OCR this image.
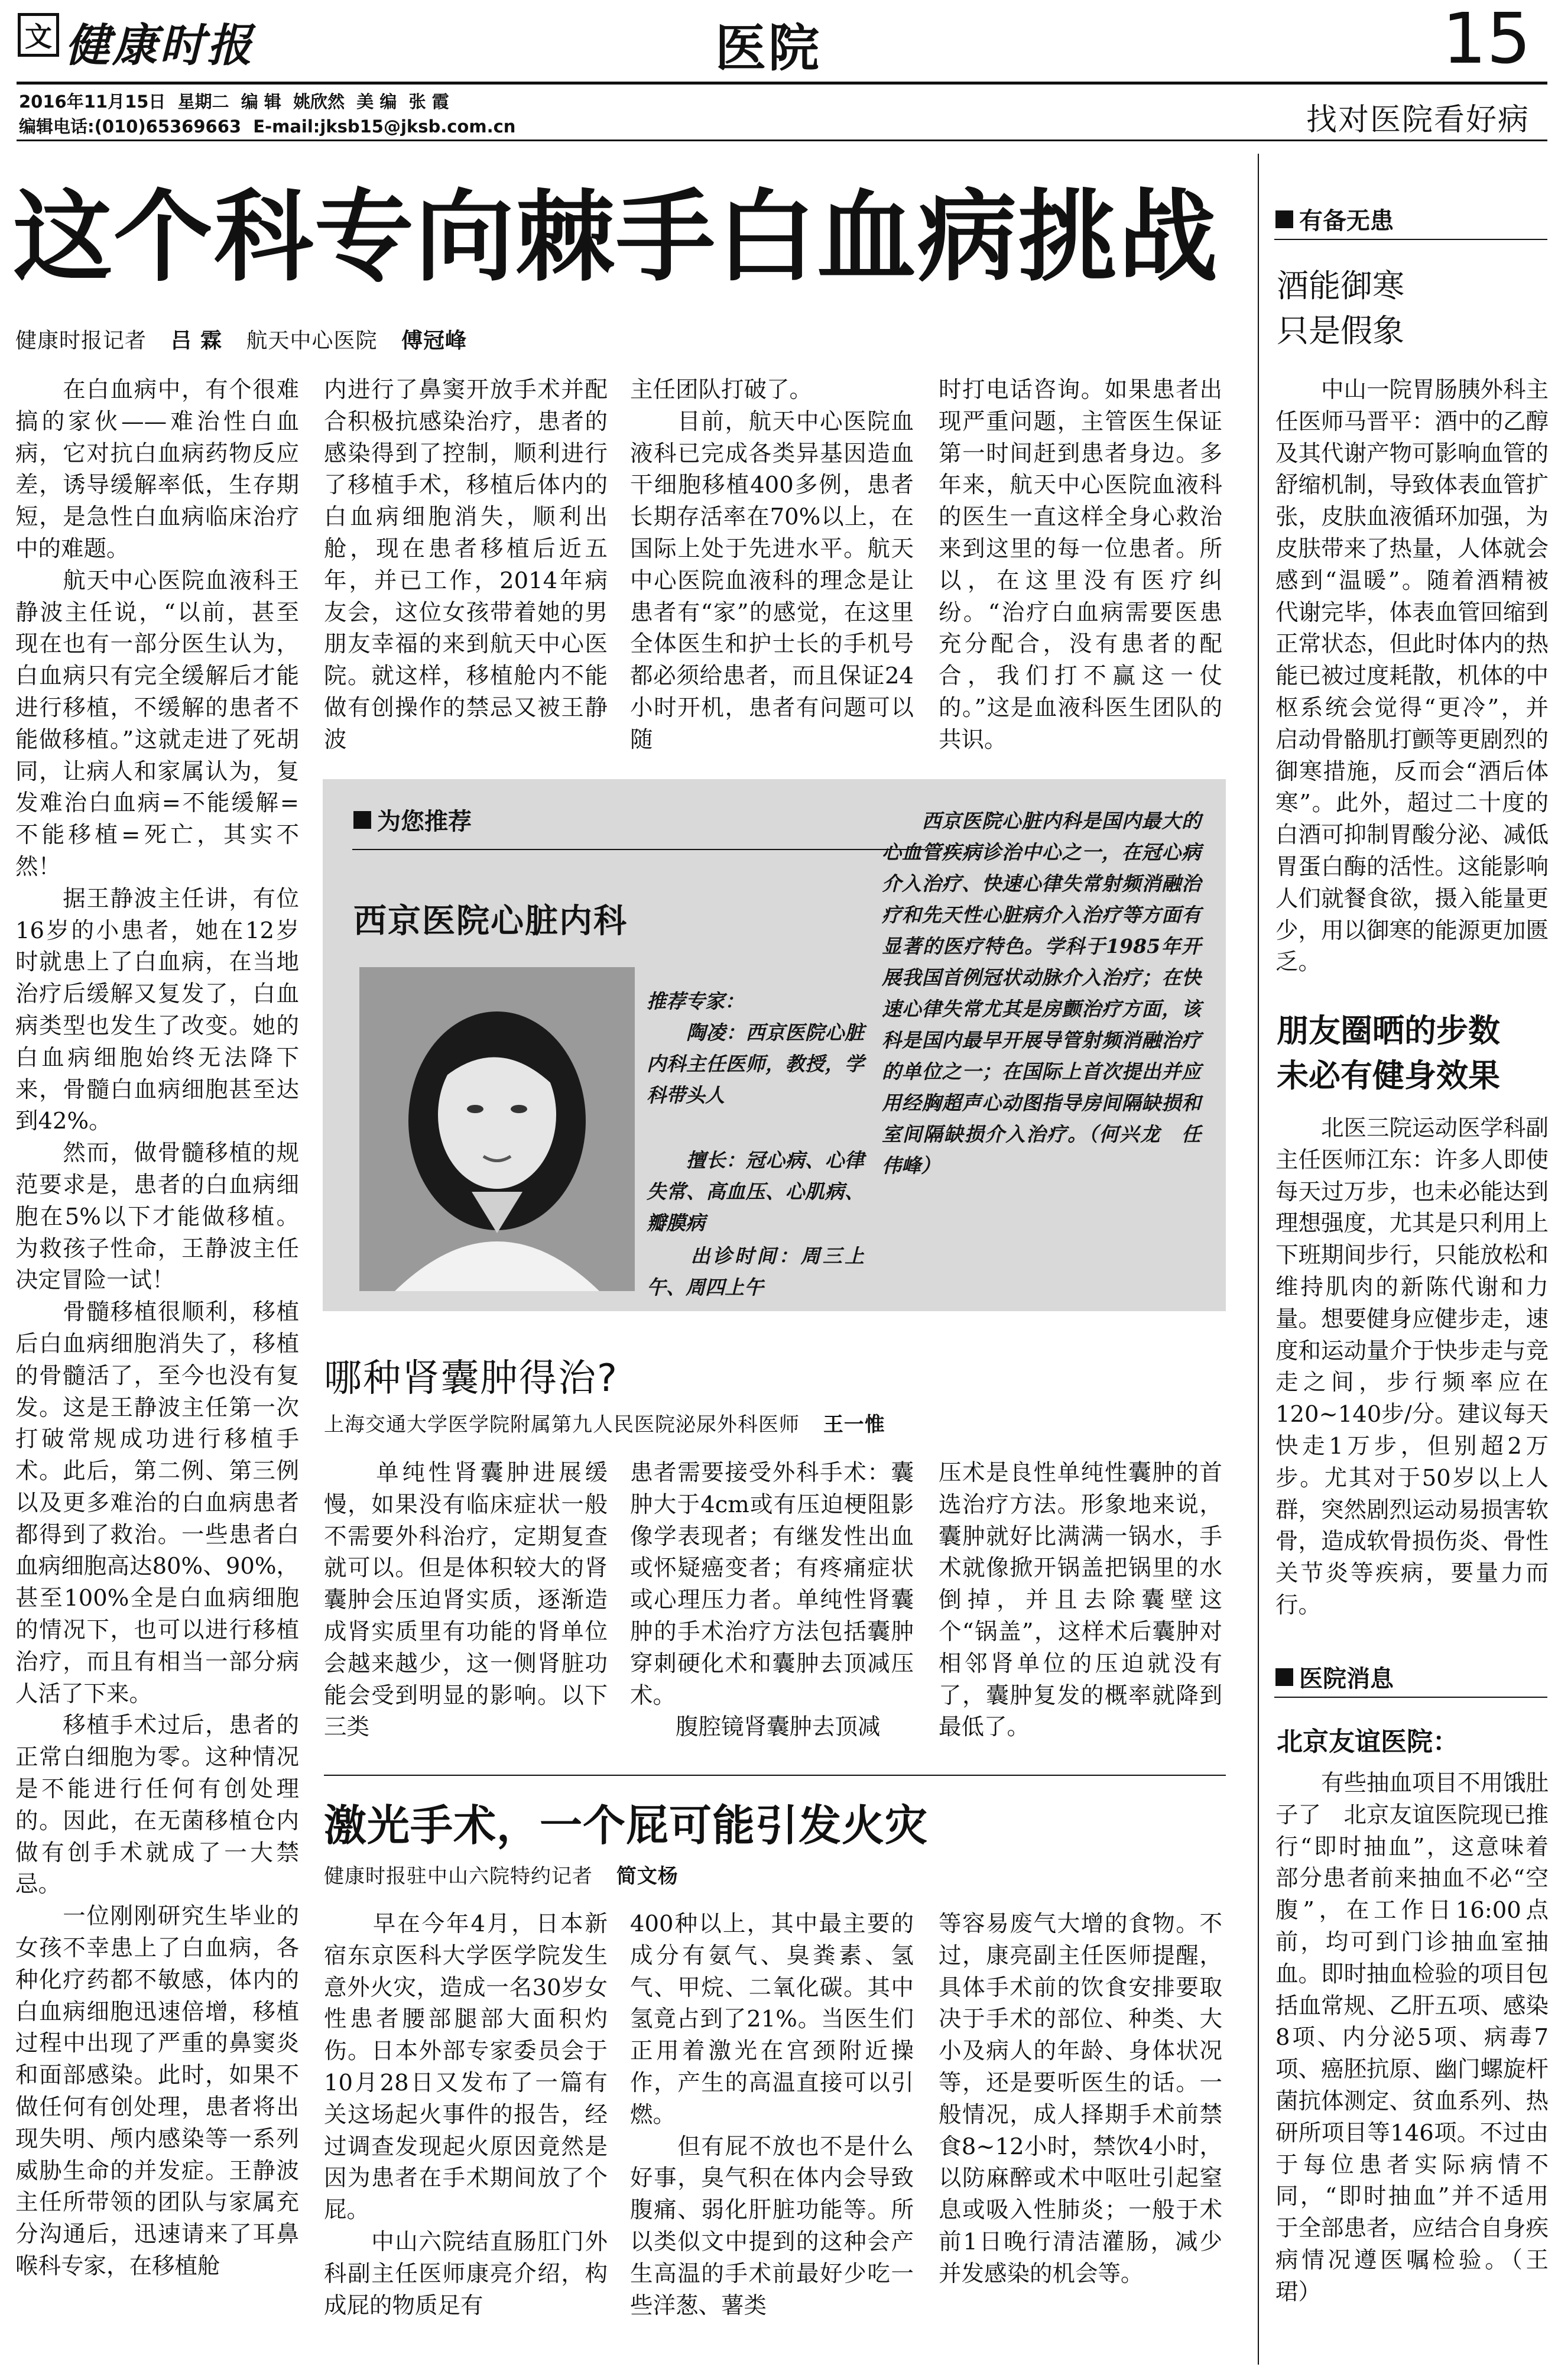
文 健康时报	医院	15
2016年11月15日  星期二  编 辑  姚欣然  美 编  张 霞
编辑电话:(010)65369663  E-mail:jksb15@jksb.com.cn	找对医院看好病
这个科专向棘手白血病挑战
健康时报记者 吕 霖 航天中心医院 傅冠峰
　　在白血病中，有个很难搞的家伙——难治性白血病，它对抗白血病药物反应差，诱导缓解率低，生存期短，是急性白血病临床治疗中的难题。
　　航天中心医院血液科王静波主任说，“以前，甚至现在也有一部分医生认为，白血病只有完全缓解后才能进行移植，不缓解的患者不能做移植。”这就走进了死胡同，让病人和家属认为，复发难治白血病=不能缓解=不能移植=死亡，其实不然！
　　据王静波主任讲，有位16岁的小患者，她在12岁时就患上了白血病，在当地治疗后缓解又复发了，白血病类型也发生了改变。她的白血病细胞始终无法降下来，骨髓白血病细胞甚至达到42%。
　　然而，做骨髓移植的规范要求是，患者的白血病细胞在5%以下才能做移植。为救孩子性命，王静波主任决定冒险一试！
　　骨髓移植很顺利，移植后白血病细胞消失了，移植的骨髓活了，至今也没有复发。这是王静波主任第一次打破常规成功进行移植手术。此后，第二例、第三例以及更多难治的白血病患者都得到了救治。一些患者白血病细胞高达80%、90%，甚至100%全是白血病细胞的情况下，也可以进行移植治疗，而且有相当一部分病人活了下来。
　　移植手术过后，患者的正常白细胞为零。这种情况是不能进行任何有创处理的。因此，在无菌移植仓内做有创手术就成了一大禁忌。
　　一位刚刚研究生毕业的女孩不幸患上了白血病，各种化疗药都不敏感，体内的白血病细胞迅速倍增，移植过程中出现了严重的鼻窦炎和面部感染。此时，如果不做任何有创处理，患者将出现失明、颅内感染等一系列威胁生命的并发症。王静波主任所带领的团队与家属充分沟通后，迅速请来了耳鼻喉科专家，在移植舱
内进行了鼻窦开放手术并配合积极抗感染治疗，患者的感染得到了控制，顺利进行了移植手术，移植后体内的白血病细胞消失，顺利出舱，现在患者移植后近五年，并已工作，2014年病友会，这位女孩带着她的男朋友幸福的来到航天中心医院。就这样，移植舱内不能做有创操作的禁忌又被王静波
主任团队打破了。
　　目前，航天中心医院血液科已完成各类异基因造血干细胞移植400多例，患者长期存活率在70%以上，在国际上处于先进水平。航天中心医院血液科的理念是让患者有“家”的感觉，在这里全体医生和护士长的手机号都必须给患者，而且保证24小时开机，患者有问题可以随
时打电话咨询。如果患者出现严重问题，主管医生保证第一时间赶到患者身边。多年来，航天中心医院血液科的医生一直这样全身心救治来到这里的每一位患者。所以，在这里没有医疗纠纷。“治疗白血病需要医患充分配合，没有患者的配合，我们打不赢这一仗的。”这是血液科医生团队的共识。
为您推荐
西京医院心脏内科
推荐专家：
　　陶凌：西京医院心脏内科主任医师，教授，学科带头人
　　擅长：冠心病、心律失常、高血压、心肌病、瓣膜病
　　出诊时间：周三上午、周四上午
　　西京医院心脏内科是国内最大的心血管疾病诊治中心之一，在冠心病介入治疗、快速心律失常射频消融治疗和先天性心脏病介入治疗等方面有显著的医疗特色。学科于1985年开展我国首例冠状动脉介入治疗；在快速心律失常尤其是房颤治疗方面，该科是国内最早开展导管射频消融治疗的单位之一；在国际上首次提出并应用经胸超声心动图指导房间隔缺损和室间隔缺损介入治疗。（何兴龙　任伟峰）
哪种肾囊肿得治?
上海交通大学医学院附属第九人民医院泌尿外科医师 王一惟
　　单纯性肾囊肿进展缓慢，如果没有临床症状一般不需要外科治疗，定期复查就可以。但是体积较大的肾囊肿会压迫肾实质，逐渐造成肾实质里有功能的肾单位会越来越少，这一侧肾脏功能会受到明显的影响。以下三类
患者需要接受外科手术：囊肿大于4cm或有压迫梗阻影像学表现者；有继发性出血或怀疑癌变者；有疼痛症状或心理压力者。单纯性肾囊肿的手术治疗方法包括囊肿穿刺硬化术和囊肿去顶减压术。
　　腹腔镜肾囊肿去顶减
压术是良性单纯性囊肿的首选治疗方法。形象地来说，囊肿就好比满满一锅水，手术就像掀开锅盖把锅里的水倒掉，并且去除囊壁这个“锅盖”，这样术后囊肿对相邻肾单位的压迫就没有了，囊肿复发的概率就降到最低了。
激光手术，一个屁可能引发火灾
健康时报驻中山六院特约记者 简文杨
　　早在今年4月，日本新宿东京医科大学医学院发生意外火灾，造成一名30岁女性患者腰部腿部大面积灼伤。日本外部专家委员会于10月28日又发布了一篇有关这场起火事件的报告，经过调查发现起火原因竟然是因为患者在手术期间放了个屁。
　　中山六院结直肠肛门外科副主任医师康亮介绍，构成屁的物质足有
400种以上，其中最主要的成分有氨气、臭粪素、氢气、甲烷、二氧化碳。其中氢竟占到了21%。当医生们正用着激光在宫颈附近操作，产生的高温直接可以引燃。
　　但有屁不放也不是什么好事，臭气积在体内会导致腹痛、弱化肝脏功能等。所以类似文中提到的这种会产生高温的手术前最好少吃一些洋葱、薯类
等容易废气大增的食物。不过，康亮副主任医师提醒，具体手术前的饮食安排要取决于手术的部位、种类、大小及病人的年龄、身体状况等，还是要听医生的话。一般情况，成人择期手术前禁食8~12小时，禁饮4小时，以防麻醉或术中呕吐引起窒息或吸入性肺炎；一般于术前1日晚行清洁灌肠，减少并发感染的机会等。
有备无患
酒能御寒
只是假象
　　中山一院胃肠胰外科主任医师马晋平：酒中的乙醇及其代谢产物可影响血管的舒缩机制，导致体表血管扩张，皮肤血液循环加强，为皮肤带来了热量，人体就会感到“温暖”。随着酒精被代谢完毕，体表血管回缩到正常状态，但此时体内的热能已被过度耗散，机体的中枢系统会觉得“更冷”，并启动骨骼肌打颤等更剧烈的御寒措施，反而会“酒后体寒”。此外，超过二十度的白酒可抑制胃酸分泌、减低胃蛋白酶的活性。这能影响人们就餐食欲，摄入能量更少，用以御寒的能源更加匮乏。
朋友圈晒的步数
未必有健身效果
　　北医三院运动医学科副主任医师江东：许多人即使每天过万步，也未必能达到理想强度，尤其是只利用上下班期间步行，只能放松和维持肌肉的新陈代谢和力量。想要健身应健步走，速度和运动量介于快步走与竞走之间，步行频率应在120~140步/分。建议每天快走1万步，但别超2万步。尤其对于50岁以上人群，突然剧烈运动易损害软骨，造成软骨损伤炎、骨性关节炎等疾病，要量力而行。
医院消息
北京友谊医院：
　　有些抽血项目不用饿肚子了　北京友谊医院现已推行“即时抽血”，这意味着部分患者前来抽血不必“空腹”，在工作日16:00点前，均可到门诊抽血室抽血。即时抽血检验的项目包括血常规、乙肝五项、感染8项、内分泌5项、病毒7项、癌胚抗原、幽门螺旋杆菌抗体测定、贫血系列、热研所项目等146项。不过由于每位患者实际病情不同，“即时抽血”并不适用于全部患者，应结合自身疾病情况遵医嘱检验。（王 珺）
